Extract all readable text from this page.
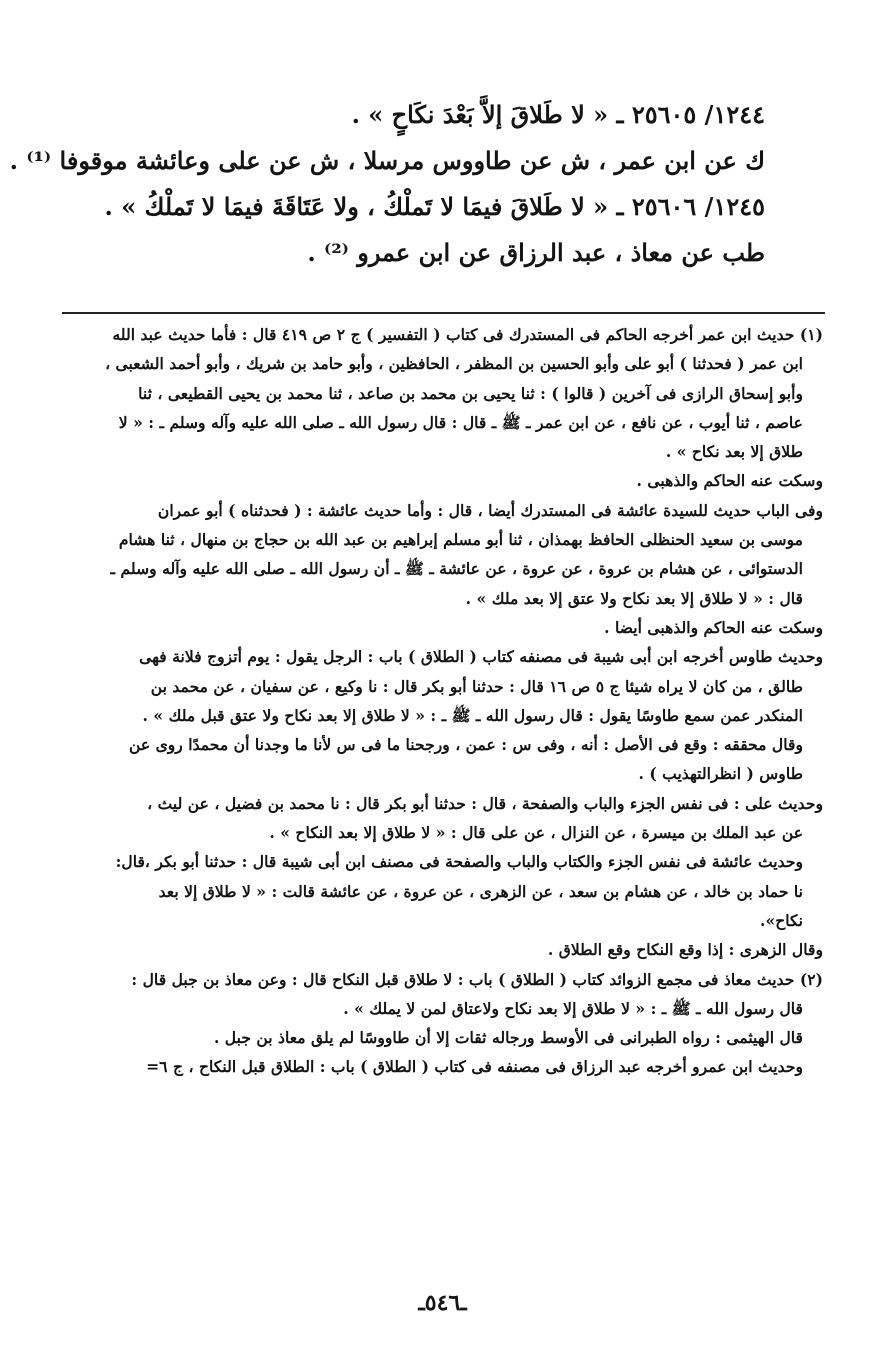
١٢٤٤/ ٢٥٦٠٥ ـ « لا طَلاقَ إلاَّ بَعْدَ نكَاحٍ » .

ك عن ابن عمر ، ش عن طاووس مرسلا ، ش عن على وعائشة موقوفا ⁽¹⁾ .

١٢٤٥/ ٢٥٦٠٦ ـ « لا طَلاقَ فيمَا لا تَملْكُ ، ولا عَتَاقَةَ فيمَا لا تَملْكُ » .

طب عن معاذ ، عبد الرزاق عن ابن عمرو ⁽²⁾ .

(١) حديث ابن عمر أخرجه الحاكم فى المستدرك فى كتاب ( التفسير ) ج ٢ ص ٤١٩ قال : فأما حديث عبد الله

ابن عمر ( فحدثنا ) أبو على وأبو الحسين بن المظفر ، الحافظين ، وأبو حامد بن شريك ، وأبو أحمد الشعبى ،

وأبو إسحاق الرازى فى آخرين ( قالوا ) : ثنا يحيى بن محمد بن صاعد ، ثنا محمد بن يحيى القطيعى ، ثنا

عاصم ، ثنا أيوب ، عن نافع ، عن ابن عمر ـ ﷺ ـ قال : قال رسول الله ـ صلى الله عليه وآله وسلم ـ : « لا

طلاق إلا بعد نكاح » .

وسكت عنه الحاكم والذهبى .

وفى الباب حديث للسيدة عائشة فى المستدرك أيضا ، قال : وأما حديث عائشة : ( فحدثناه ) أبو عمران

موسى بن سعيد الحنظلى الحافظ بهمذان ، ثنا أبو مسلم إبراهيم بن عبد الله بن حجاج بن منهال ، ثنا هشام

الدستوائى ، عن هشام بن عروة ، عن عروة ، عن عائشة ـ ﷺ ـ أن رسول الله ـ صلى الله عليه وآله وسلم ـ

قال : « لا طلاق إلا بعد نكاح ولا عتق إلا بعد ملك » .

وسكت عنه الحاكم والذهبى أيضا .

وحديث طاوس أخرجه ابن أبى شيبة فى مصنفه كتاب ( الطلاق ) باب : الرجل يقول : يوم أتزوج فلانة فهى

طالق ، من كان لا يراه شيئا ج ٥ ص ١٦ قال : حدثنا أبو بكر قال : نا وكيع ، عن سفيان ، عن محمد بن

المنكدر عمن سمع طاوسًا يقول : قال رسول الله ـ ﷺ ـ : « لا طلاق إلا بعد نكاح ولا عتق قبل ملك » .

وقال محققه : وقع فى الأصل : أنه ، وفى س : عمن ، ورجحنا ما فى س لأنا ما وجدنا أن محمدًا روى عن

طاوس ( انظرالتهذيب ) .

وحديث على : فى نفس الجزء والباب والصفحة ، قال : حدثنا أبو بكر قال : نا محمد بن فضيل ، عن ليث ،

عن عبد الملك بن ميسرة ، عن النزال ، عن على قال : « لا طلاق إلا بعد النكاح » .

وحديث عائشة فى نفس الجزء والكتاب والباب والصفحة فى مصنف ابن أبى شيبة قال : حدثنا أبو بكر ،قال:

نا حماد بن خالد ، عن هشام بن سعد ، عن الزهرى ، عن عروة ، عن عائشة قالت : « لا طلاق إلا بعد

نكاح».

وقال الزهرى : إذا وقع النكاح وقع الطلاق .

(٢) حديث معاذ فى مجمع الزوائد كتاب ( الطلاق ) باب : لا طلاق قبل النكاح قال : وعن معاذ بن جبل قال :

قال رسول الله ـ ﷺ ـ : « لا طلاق إلا بعد نكاح ولاعتاق لمن لا يملك » .

قال الهيثمى : رواه الطبرانى فى الأوسط ورجاله ثقات إلا أن طاووسًا لم يلق معاذ بن جبل .

وحديث ابن عمرو أخرجه عبد الرزاق فى مصنفه فى كتاب ( الطلاق ) باب : الطلاق قبل النكاح ، ج ٦=

ـ٥٤٦ـ
